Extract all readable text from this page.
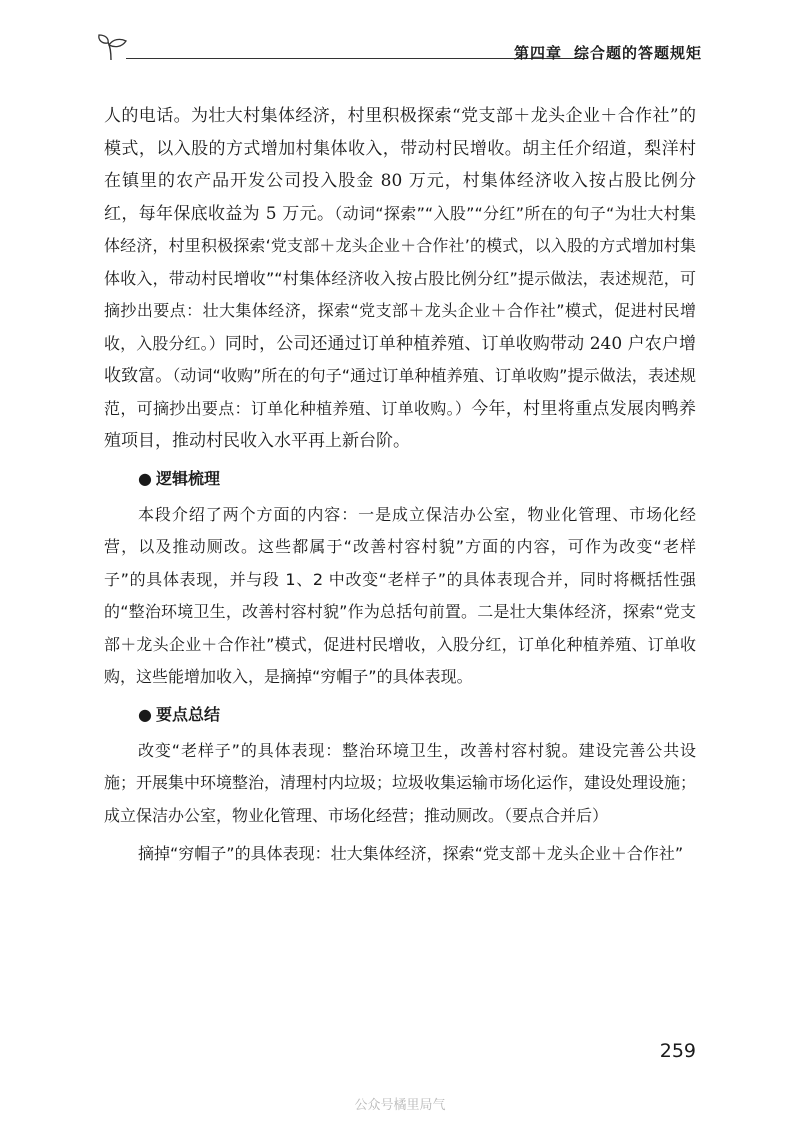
第四章 综合题的答题规矩

人的电话。为壮大村集体经济，村里积极探索“党支部＋龙头企业＋合作社”的模式，以入股的方式增加村集体收入，带动村民增收。胡主任介绍道，梨洋村在镇里的农产品开发公司投入股金 80 万元，村集体经济收入按占股比例分红，每年保底收益为 5 万元。（动词“探索”“入股”“分红”所在的句子“为壮大村集体经济，村里积极探索‘党支部＋龙头企业＋合作社’的模式，以入股的方式增加村集体收入，带动村民增收”“村集体经济收入按占股比例分红”提示做法，表述规范，可摘抄出要点：壮大集体经济，探索“党支部＋龙头企业＋合作社”模式，促进村民增收，入股分红。）同时，公司还通过订单种植养殖、订单收购带动 240 户农户增收致富。（动词“收购”所在的句子“通过订单种植养殖、订单收购”提示做法，表述规范，可摘抄出要点：订单化种植养殖、订单收购。）今年，村里将重点发展肉鸭养殖项目，推动村民收入水平再上新台阶。

● 逻辑梳理

本段介绍了两个方面的内容：一是成立保洁办公室，物业化管理、市场化经营，以及推动厕改。这些都属于“改善村容村貌”方面的内容，可作为改变“老样子”的具体表现，并与段 1、2 中改变“老样子”的具体表现合并，同时将概括性强的“整治环境卫生，改善村容村貌”作为总括句前置。二是壮大集体经济，探索“党支部＋龙头企业＋合作社”模式，促进村民增收，入股分红，订单化种植养殖、订单收购，这些能增加收入，是摘掉“穷帽子”的具体表现。

● 要点总结

改变“老样子”的具体表现：整治环境卫生，改善村容村貌。建设完善公共设施；开展集中环境整治，清理村内垃圾；垃圾收集运输市场化运作，建设处理设施；成立保洁办公室，物业化管理、市场化经营；推动厕改。（要点合并后）

摘掉“穷帽子”的具体表现：壮大集体经济，探索“党支部＋龙头企业＋合作社”

259
公众号橘里局气
